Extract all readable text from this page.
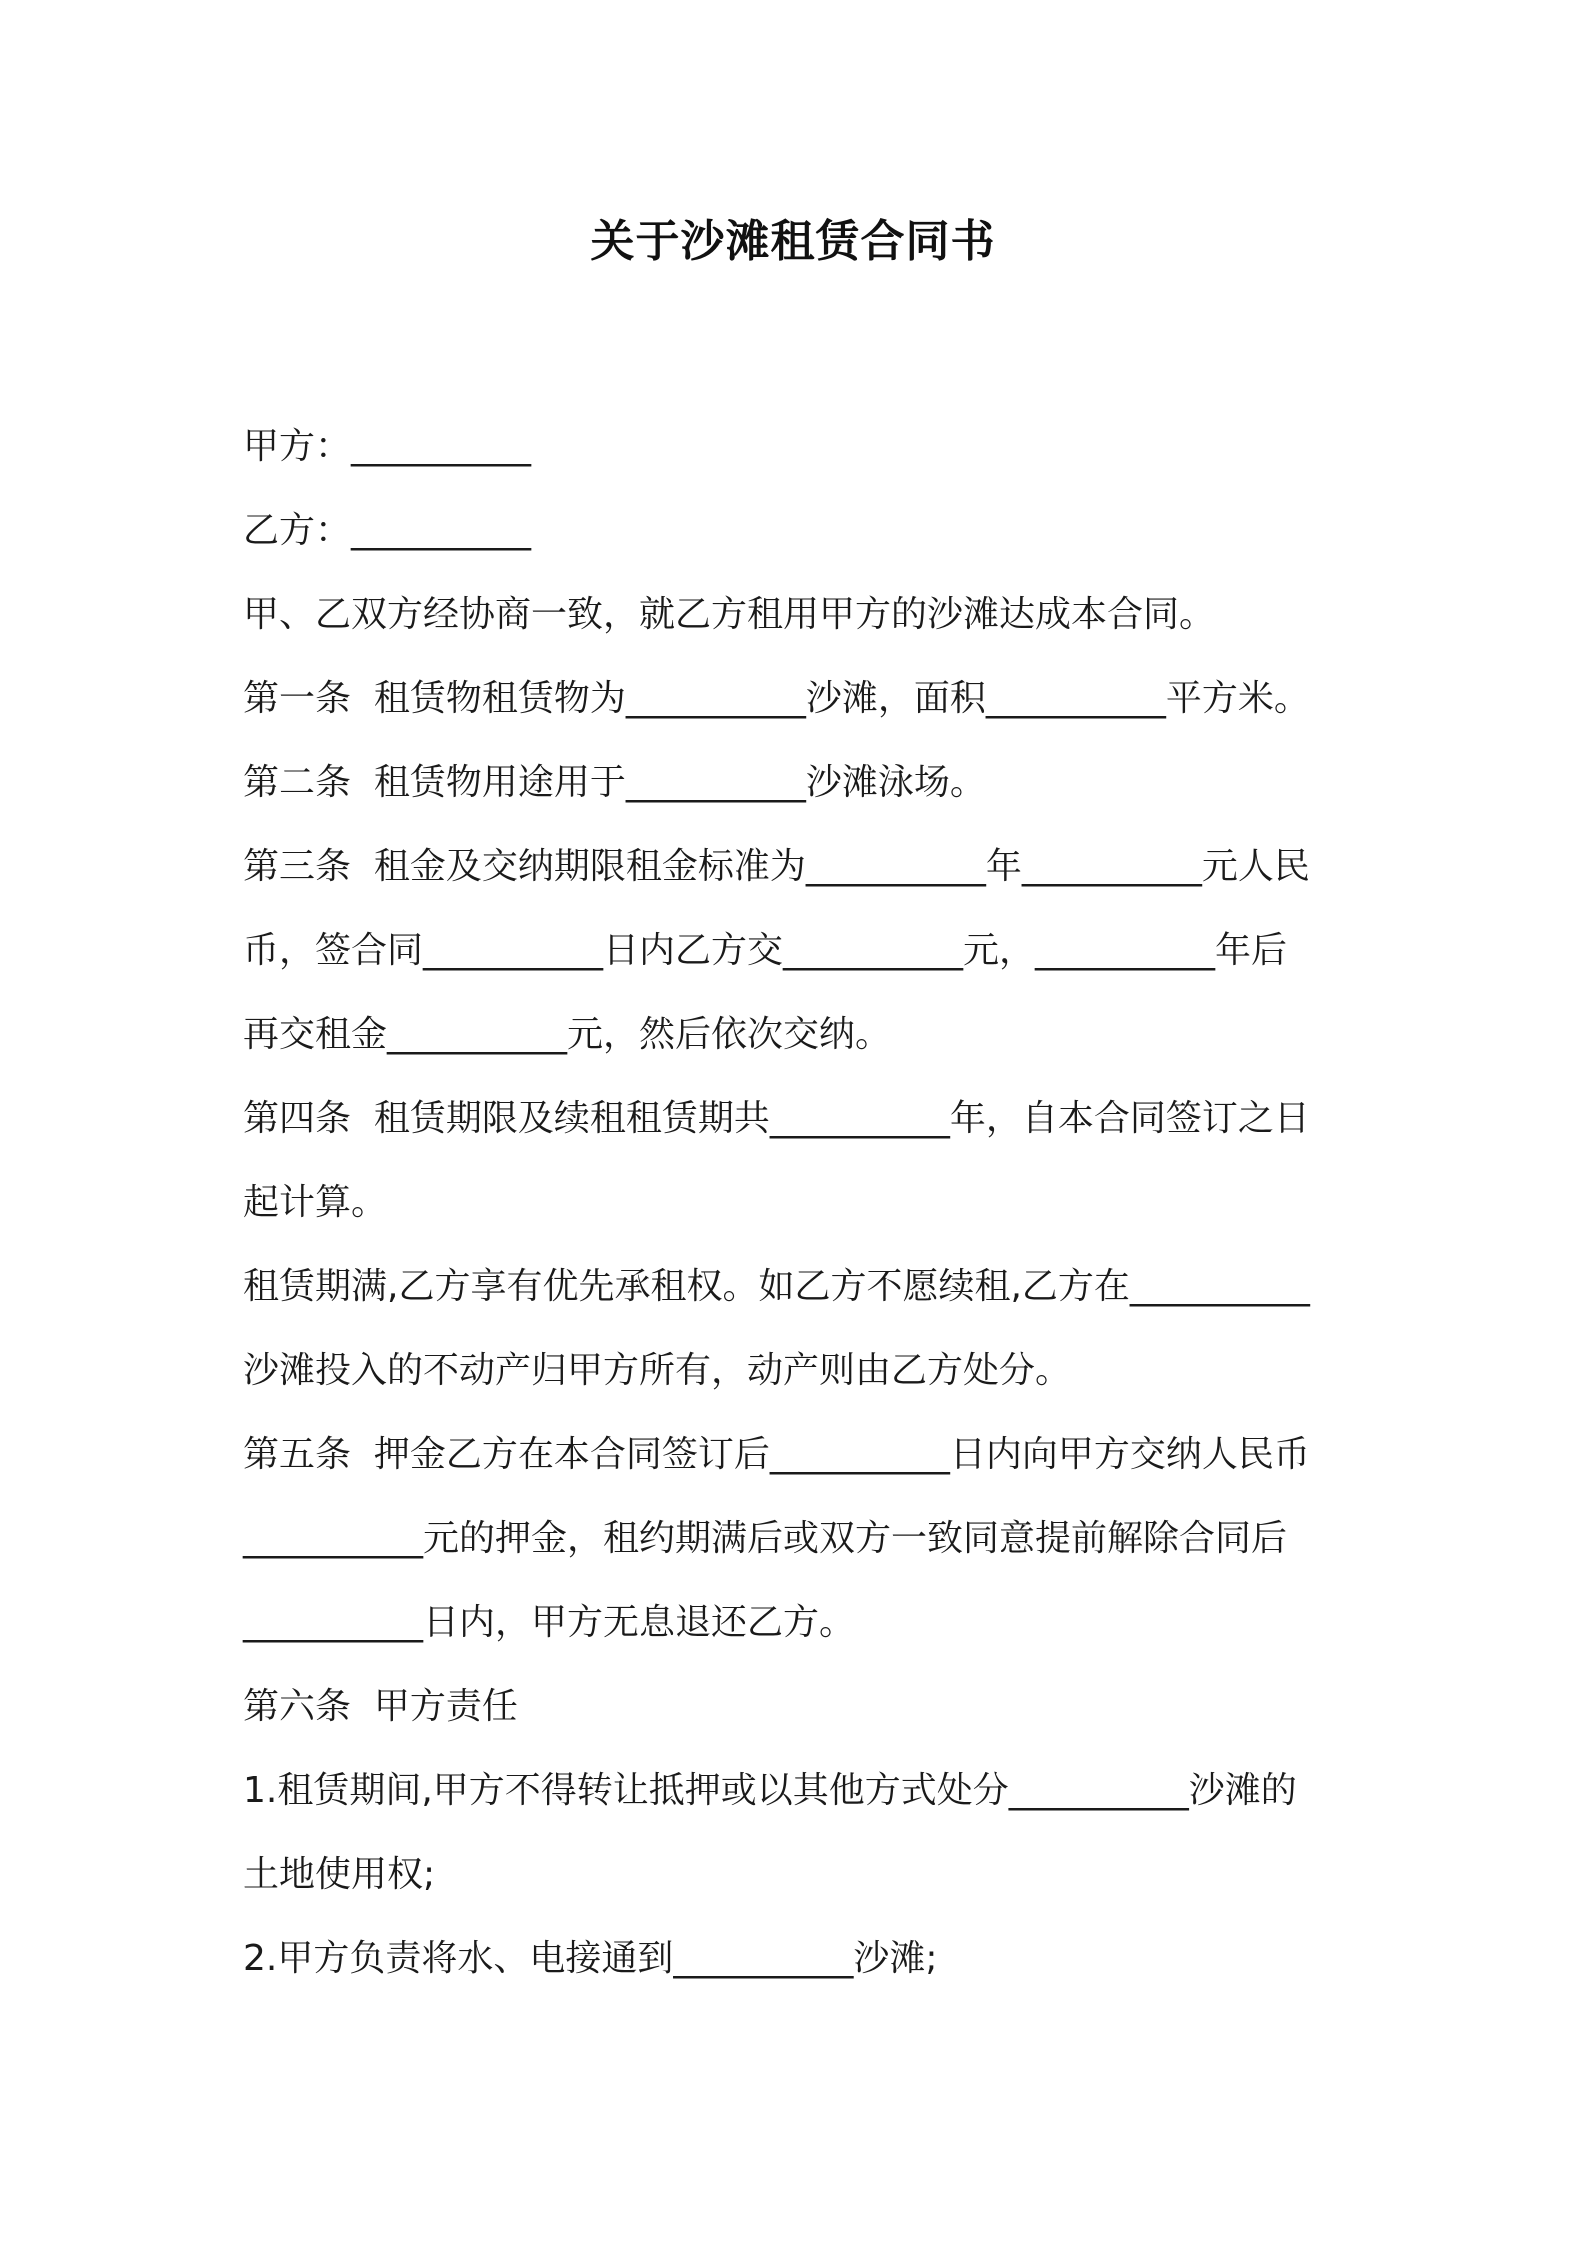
关于沙滩租赁合同书
甲方：__________
乙方：__________
甲、乙双方经协商一致，就乙方租用甲方的沙滩达成本合同。
第一条  租赁物租赁物为__________沙滩，面积__________平方米。
第二条  租赁物用途用于__________沙滩泳场。
第三条  租金及交纳期限租金标准为__________年__________元人民
币，签合同__________日内乙方交__________元，__________年后
再交租金__________元，然后依次交纳。
第四条  租赁期限及续租租赁期共__________年，自本合同签订之日
起计算。
租赁期满,乙方享有优先承租权。如乙方不愿续租,乙方在__________
沙滩投入的不动产归甲方所有，动产则由乙方处分。
第五条  押金乙方在本合同签订后__________日内向甲方交纳人民币
__________元的押金，租约期满后或双方一致同意提前解除合同后
__________日内，甲方无息退还乙方。
第六条  甲方责任
1.租赁期间,甲方不得转让抵押或以其他方式处分__________沙滩的
土地使用权;
2.甲方负责将水、电接通到__________沙滩;
